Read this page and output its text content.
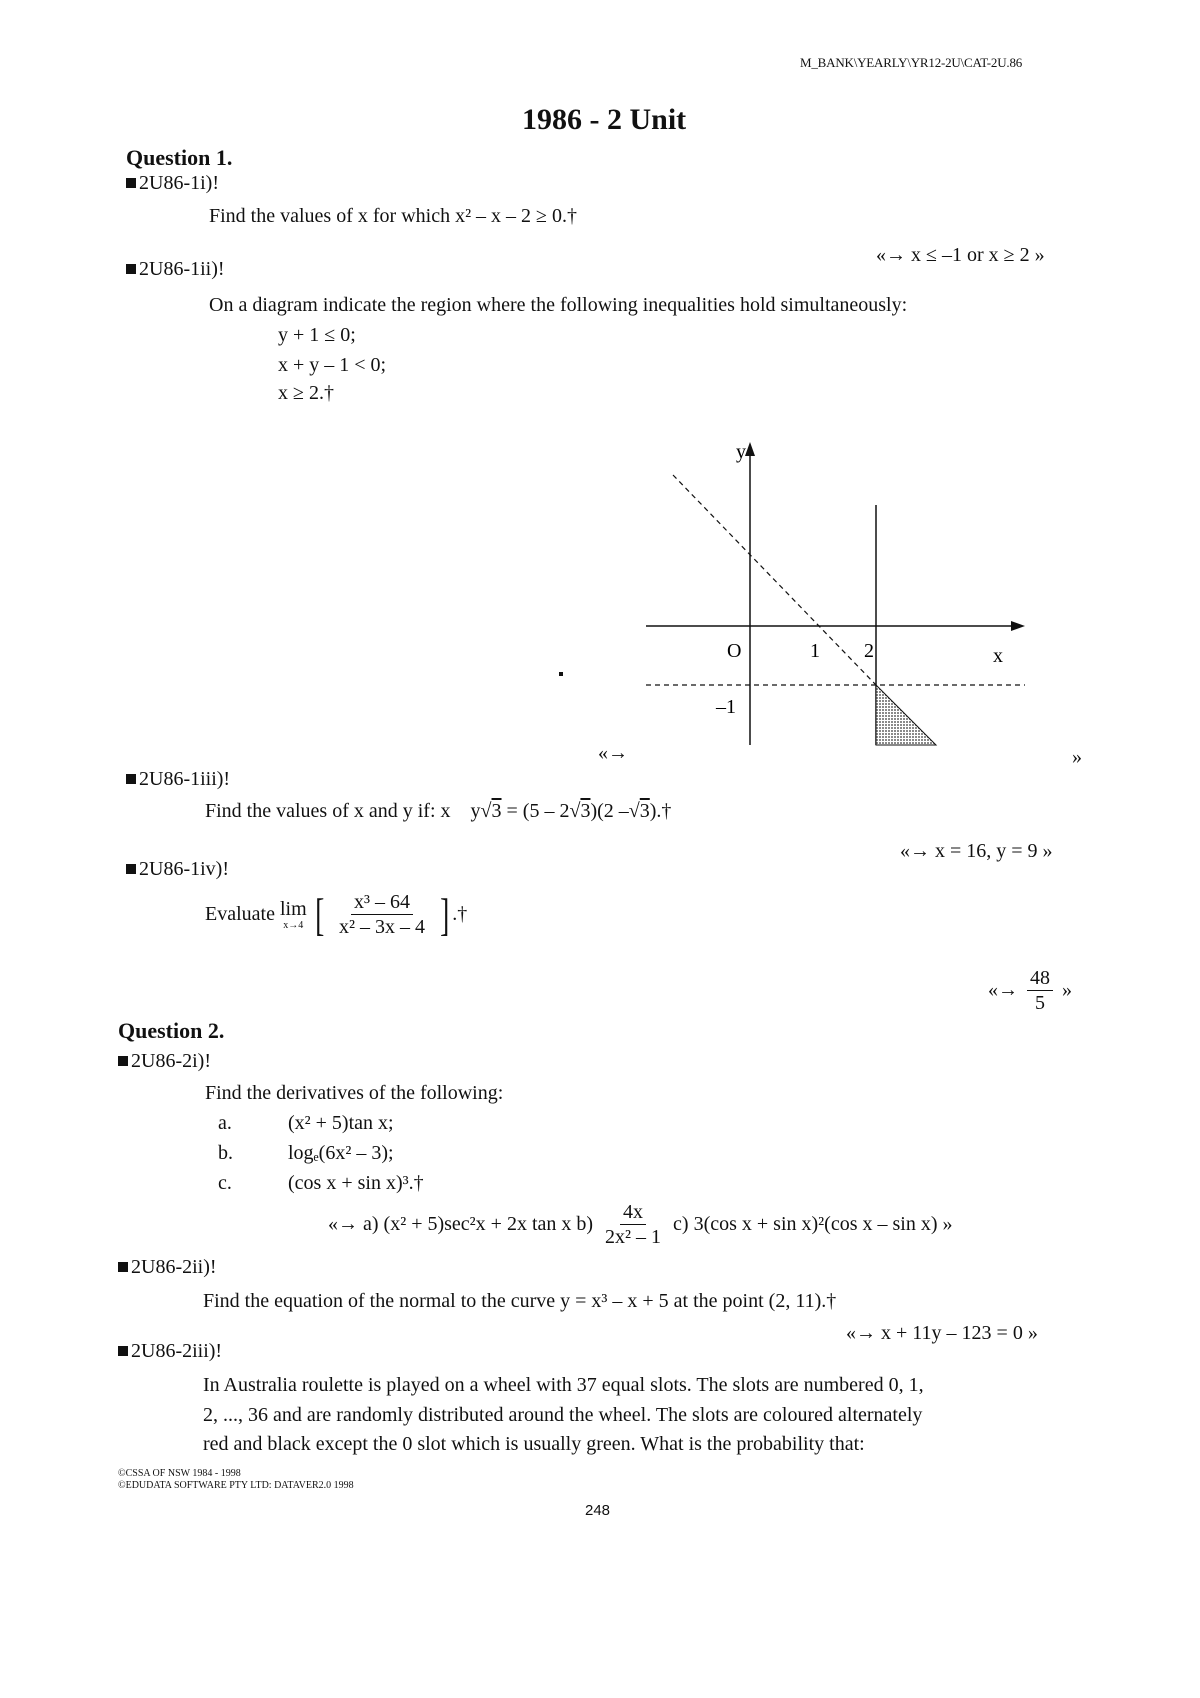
M_BANK\YEARLY\YR12-2U\CAT-2U.86
1986 - 2 Unit
Question 1.
2U86-1i)!
Find the values of x for which x² – x – 2 ≥ 0.†
«→ x ≤ –1 or x ≥ 2 »
2U86-1ii)!
On a diagram indicate the region where the following inequalities hold simultaneously:
y + 1 ≤ 0;
x + y – 1 < 0;
x ≥ 2.†
y
x
O	1 2
–1
«→	»
2U86-1iii)!
Find the values of x and y if: x y√3 = (5 – 2√3)(2 –√3).†
«→ x = 16, y = 9 »
2U86-1iv)!
Evaluate lim
x→4 [ $\frac{\text{x³ – 64}}{\text{x² – 3x – 4}}$ ] .†
«→ $\frac{48}{5}$ »
Question 2.
2U86-2i)!
Find the derivatives of the following:
a.	(x² + 5)tan x;
b.	logₑ(6x² – 3);
c.	(cos x + sin x)³.†
«→ a) (x² + 5)sec²x + 2x tan x $b) \frac{4x}{\text{2x² – 1}} c$) 3(cos x + sin x)²(cos x – sin x) »
2U86-2ii)!
Find the equation of the normal to the curve y = x³ – x + 5 at the point (2, 11).†
«→ x + 11y – 123 = 0 »
2U86-2iii)!
In Australia roulette is played on a wheel with 37 equal slots. The slots are numbered 0, 1,
2, ..., 36 and are randomly distributed around the wheel. The slots are coloured alternately
red and black except the 0 slot which is usually green. What is the probability that:
©CSSA OF NSW 1984 - 1998
©EDUDATA SOFTWARE PTY LTD: DATAVER2.0 1998
248
